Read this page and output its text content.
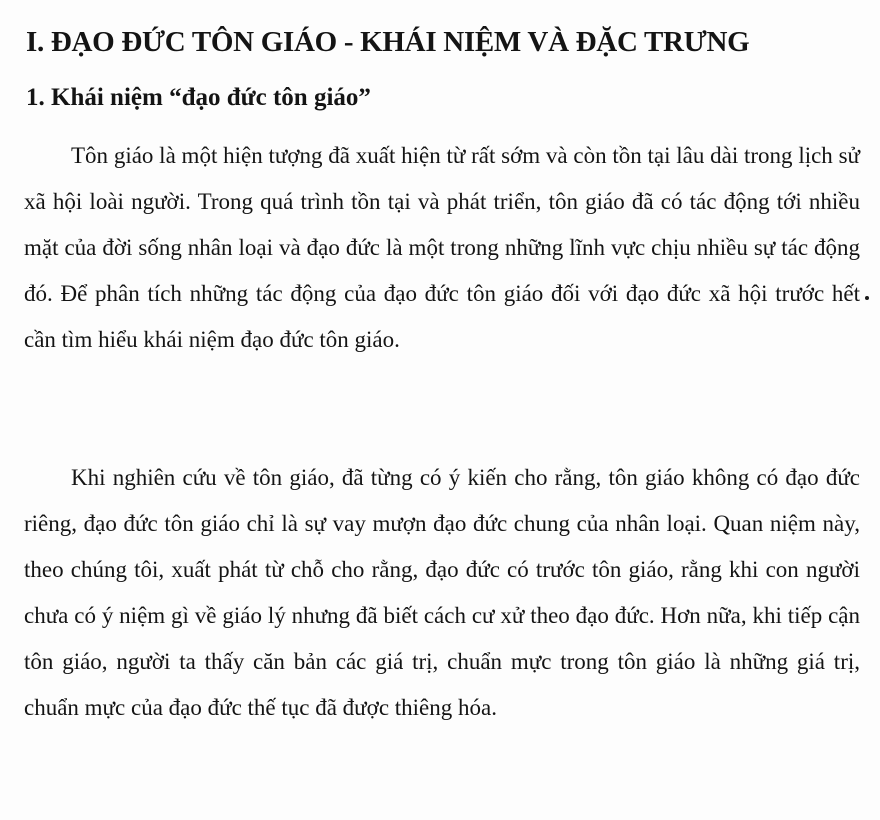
I. ĐẠO ĐỨC TÔN GIÁO - KHÁI NIỆM VÀ ĐẶC TRƯNG
1. Khái niệm “đạo đức tôn giáo”

Tôn giáo là một hiện tượng đã xuất hiện từ rất sớm và còn tồn tại lâu dài trong lịch sử xã hội loài người. Trong quá trình tồn tại và phát triển, tôn giáo đã có tác động tới nhiều mặt của đời sống nhân loại và đạo đức là một trong những lĩnh vực chịu nhiều sự tác động đó. Để phân tích những tác động của đạo đức tôn giáo đối với đạo đức xã hội trước hết cần tìm hiểu khái niệm đạo đức tôn giáo.

Khi nghiên cứu về tôn giáo, đã từng có ý kiến cho rằng, tôn giáo không có đạo đức riêng, đạo đức tôn giáo chỉ là sự vay mượn đạo đức chung của nhân loại. Quan niệm này, theo chúng tôi, xuất phát từ chỗ cho rằng, đạo đức có trước tôn giáo, rằng khi con người chưa có ý niệm gì về giáo lý nhưng đã biết cách cư xử theo đạo đức. Hơn nữa, khi tiếp cận tôn giáo, người ta thấy căn bản các giá trị, chuẩn mực trong tôn giáo là những giá trị, chuẩn mực của đạo đức thế tục đã được thiêng hóa.
